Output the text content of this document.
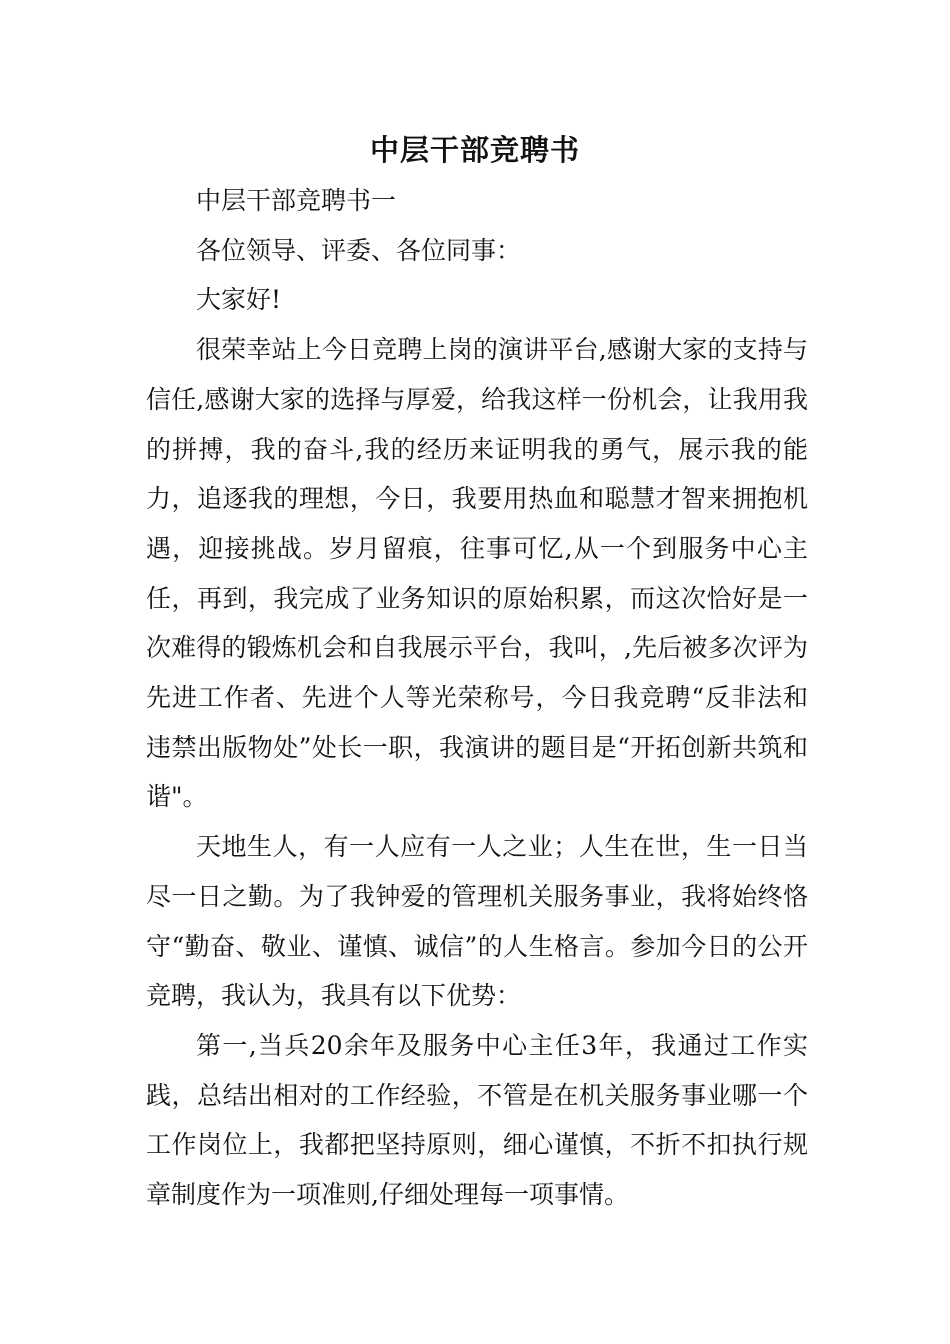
中层干部竞聘书

中层干部竞聘书一

各位领导、评委、各位同事：

大家好!

很荣幸站上今日竞聘上岗的演讲平台,感谢大家的支持与信任,感谢大家的选择与厚爱，给我这样一份机会，让我用我的拼搏，我的奋斗,我的经历来证明我的勇气，展示我的能力，追逐我的理想，今日，我要用热血和聪慧才智来拥抱机遇，迎接挑战。岁月留痕，往事可忆,从一个到服务中心主任，再到，我完成了业务知识的原始积累，而这次恰好是一次难得的锻炼机会和自我展示平台，我叫，,先后被多次评为先进工作者、先进个人等光荣称号，今日我竞聘“反非法和违禁出版物处”处长一职，我演讲的题目是“开拓创新共筑和谐"。

天地生人，有一人应有一人之业；人生在世，生一日当尽一日之勤。为了我钟爱的管理机关服务事业，我将始终恪守“勤奋、敬业、谨慎、诚信”的人生格言。参加今日的公开竞聘，我认为，我具有以下优势：

第一,当兵20余年及服务中心主任3年，我通过工作实践，总结出相对的工作经验，不管是在机关服务事业哪一个工作岗位上，我都把坚持原则，细心谨慎，不折不扣执行规章制度作为一项准则,仔细处理每一项事情。
